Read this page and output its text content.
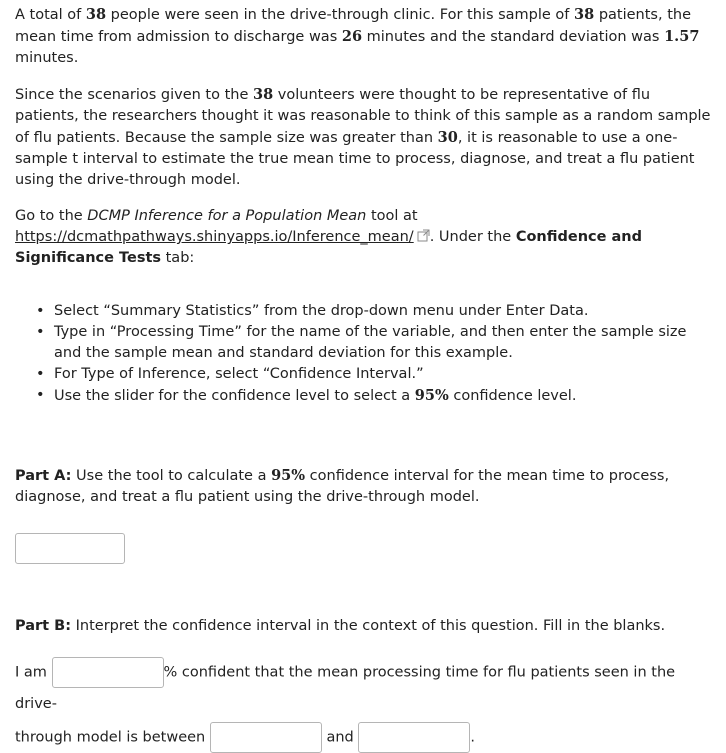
A total of 38 people were seen in the drive-through clinic. For this sample of 38 patients, the mean time from admission to discharge was 26 minutes and the standard deviation was 1.57 minutes.

Since the scenarios given to the 38 volunteers were thought to be representative of flu patients, the researchers thought it was reasonable to think of this sample as a random sample of flu patients. Because the sample size was greater than 30, it is reasonable to use a one-sample t interval to estimate the true mean time to process, diagnose, and treat a flu patient using the drive-through model.

Go to the DCMP Inference for a Population Mean tool at https://dcmathpathways.shinyapps.io/Inference_mean/ . Under the Confidence and Significance Tests tab:

• Select “Summary Statistics” from the drop-down menu under Enter Data.
• Type in “Processing Time” for the name of the variable, and then enter the sample size and the sample mean and standard deviation for this example.
• For Type of Inference, select “Confidence Interval.”
• Use the slider for the confidence level to select a 95% confidence level.

Part A: Use the tool to calculate a 95% confidence interval for the mean time to process, diagnose, and treat a flu patient using the drive-through model.

Part B: Interpret the confidence interval in the context of this question. Fill in the blanks.

I am	% confident that the mean processing time for flu patients seen in the drive-

through model is between	and	.
